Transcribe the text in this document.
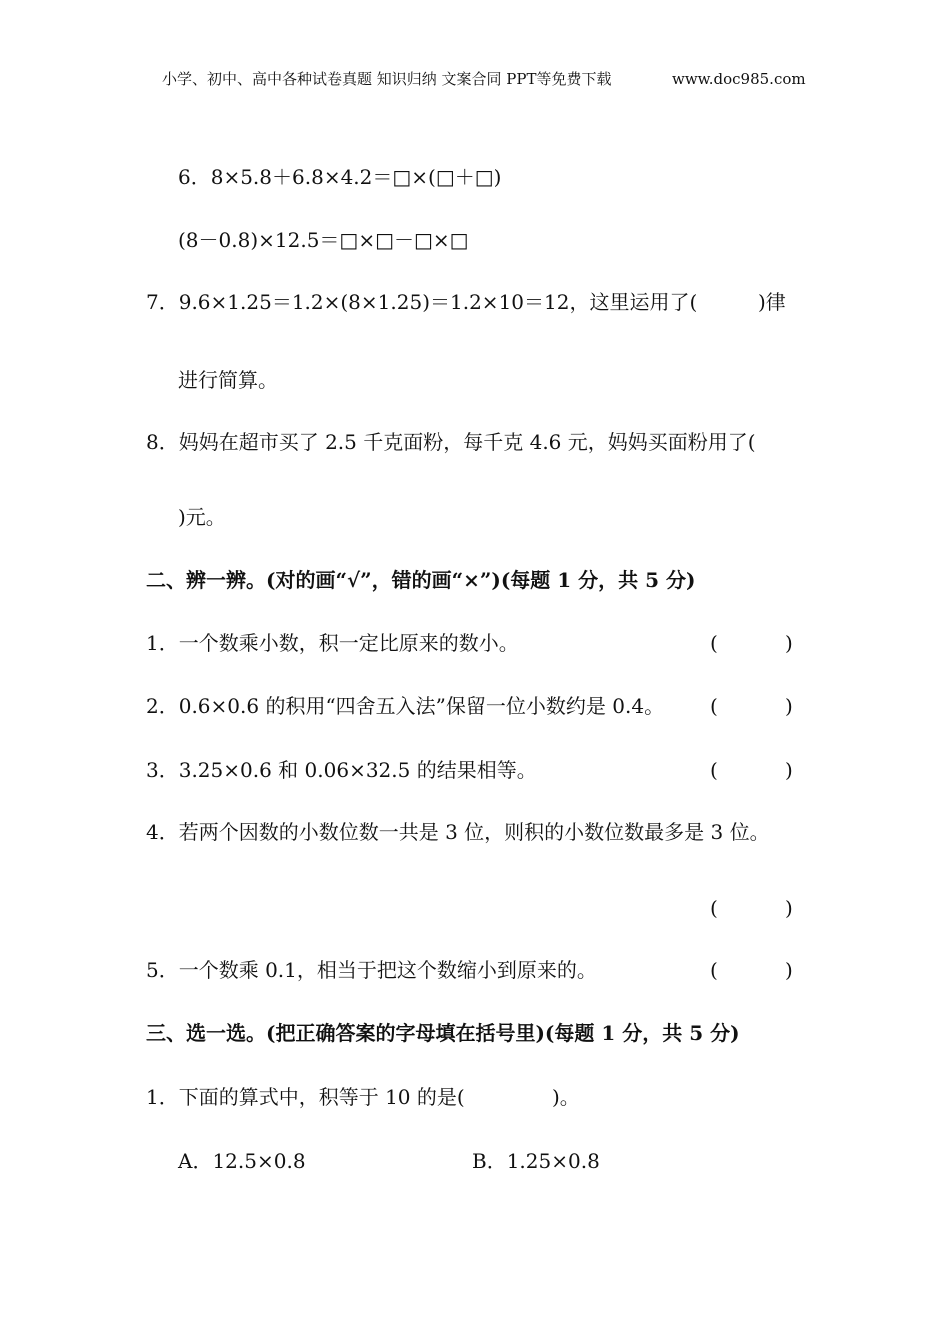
小学、初中、高中各种试卷真题 知识归纳 文案合同 PPT等免费下载	www.doc985.com
6．8×5.8＋6.8×4.2＝□×(□＋□)
(8－0.8)×12.5＝□×□－□×□
7．9.6×1.25＝1.2×(8×1.25)＝1.2×10＝12，这里运用了(	)律
进行简算。
8．妈妈在超市买了 2.5 千克面粉，每千克 4.6 元，妈妈买面粉用了(
)元。
二、辨一辨。(对的画“√”，错的画“×”)(每题 1 分，共 5 分)
1．一个数乘小数，积一定比原来的数小。	(	)
2．0.6×0.6 的积用“四舍五入法”保留一位小数约是 0.4。 (	)
3．3.25×0.6 和 0.06×32.5 的结果相等。	(	)
4．若两个因数的小数位数一共是 3 位，则积的小数位数最多是 3 位。
(	)
5．一个数乘 0.1，相当于把这个数缩小到原来的。	(	)
三、选一选。(把正确答案的字母填在括号里)(每题 1 分，共 5 分)
1．下面的算式中，积等于 10 的是(	)。
A．12.5×0.8	B．1.25×0.8
